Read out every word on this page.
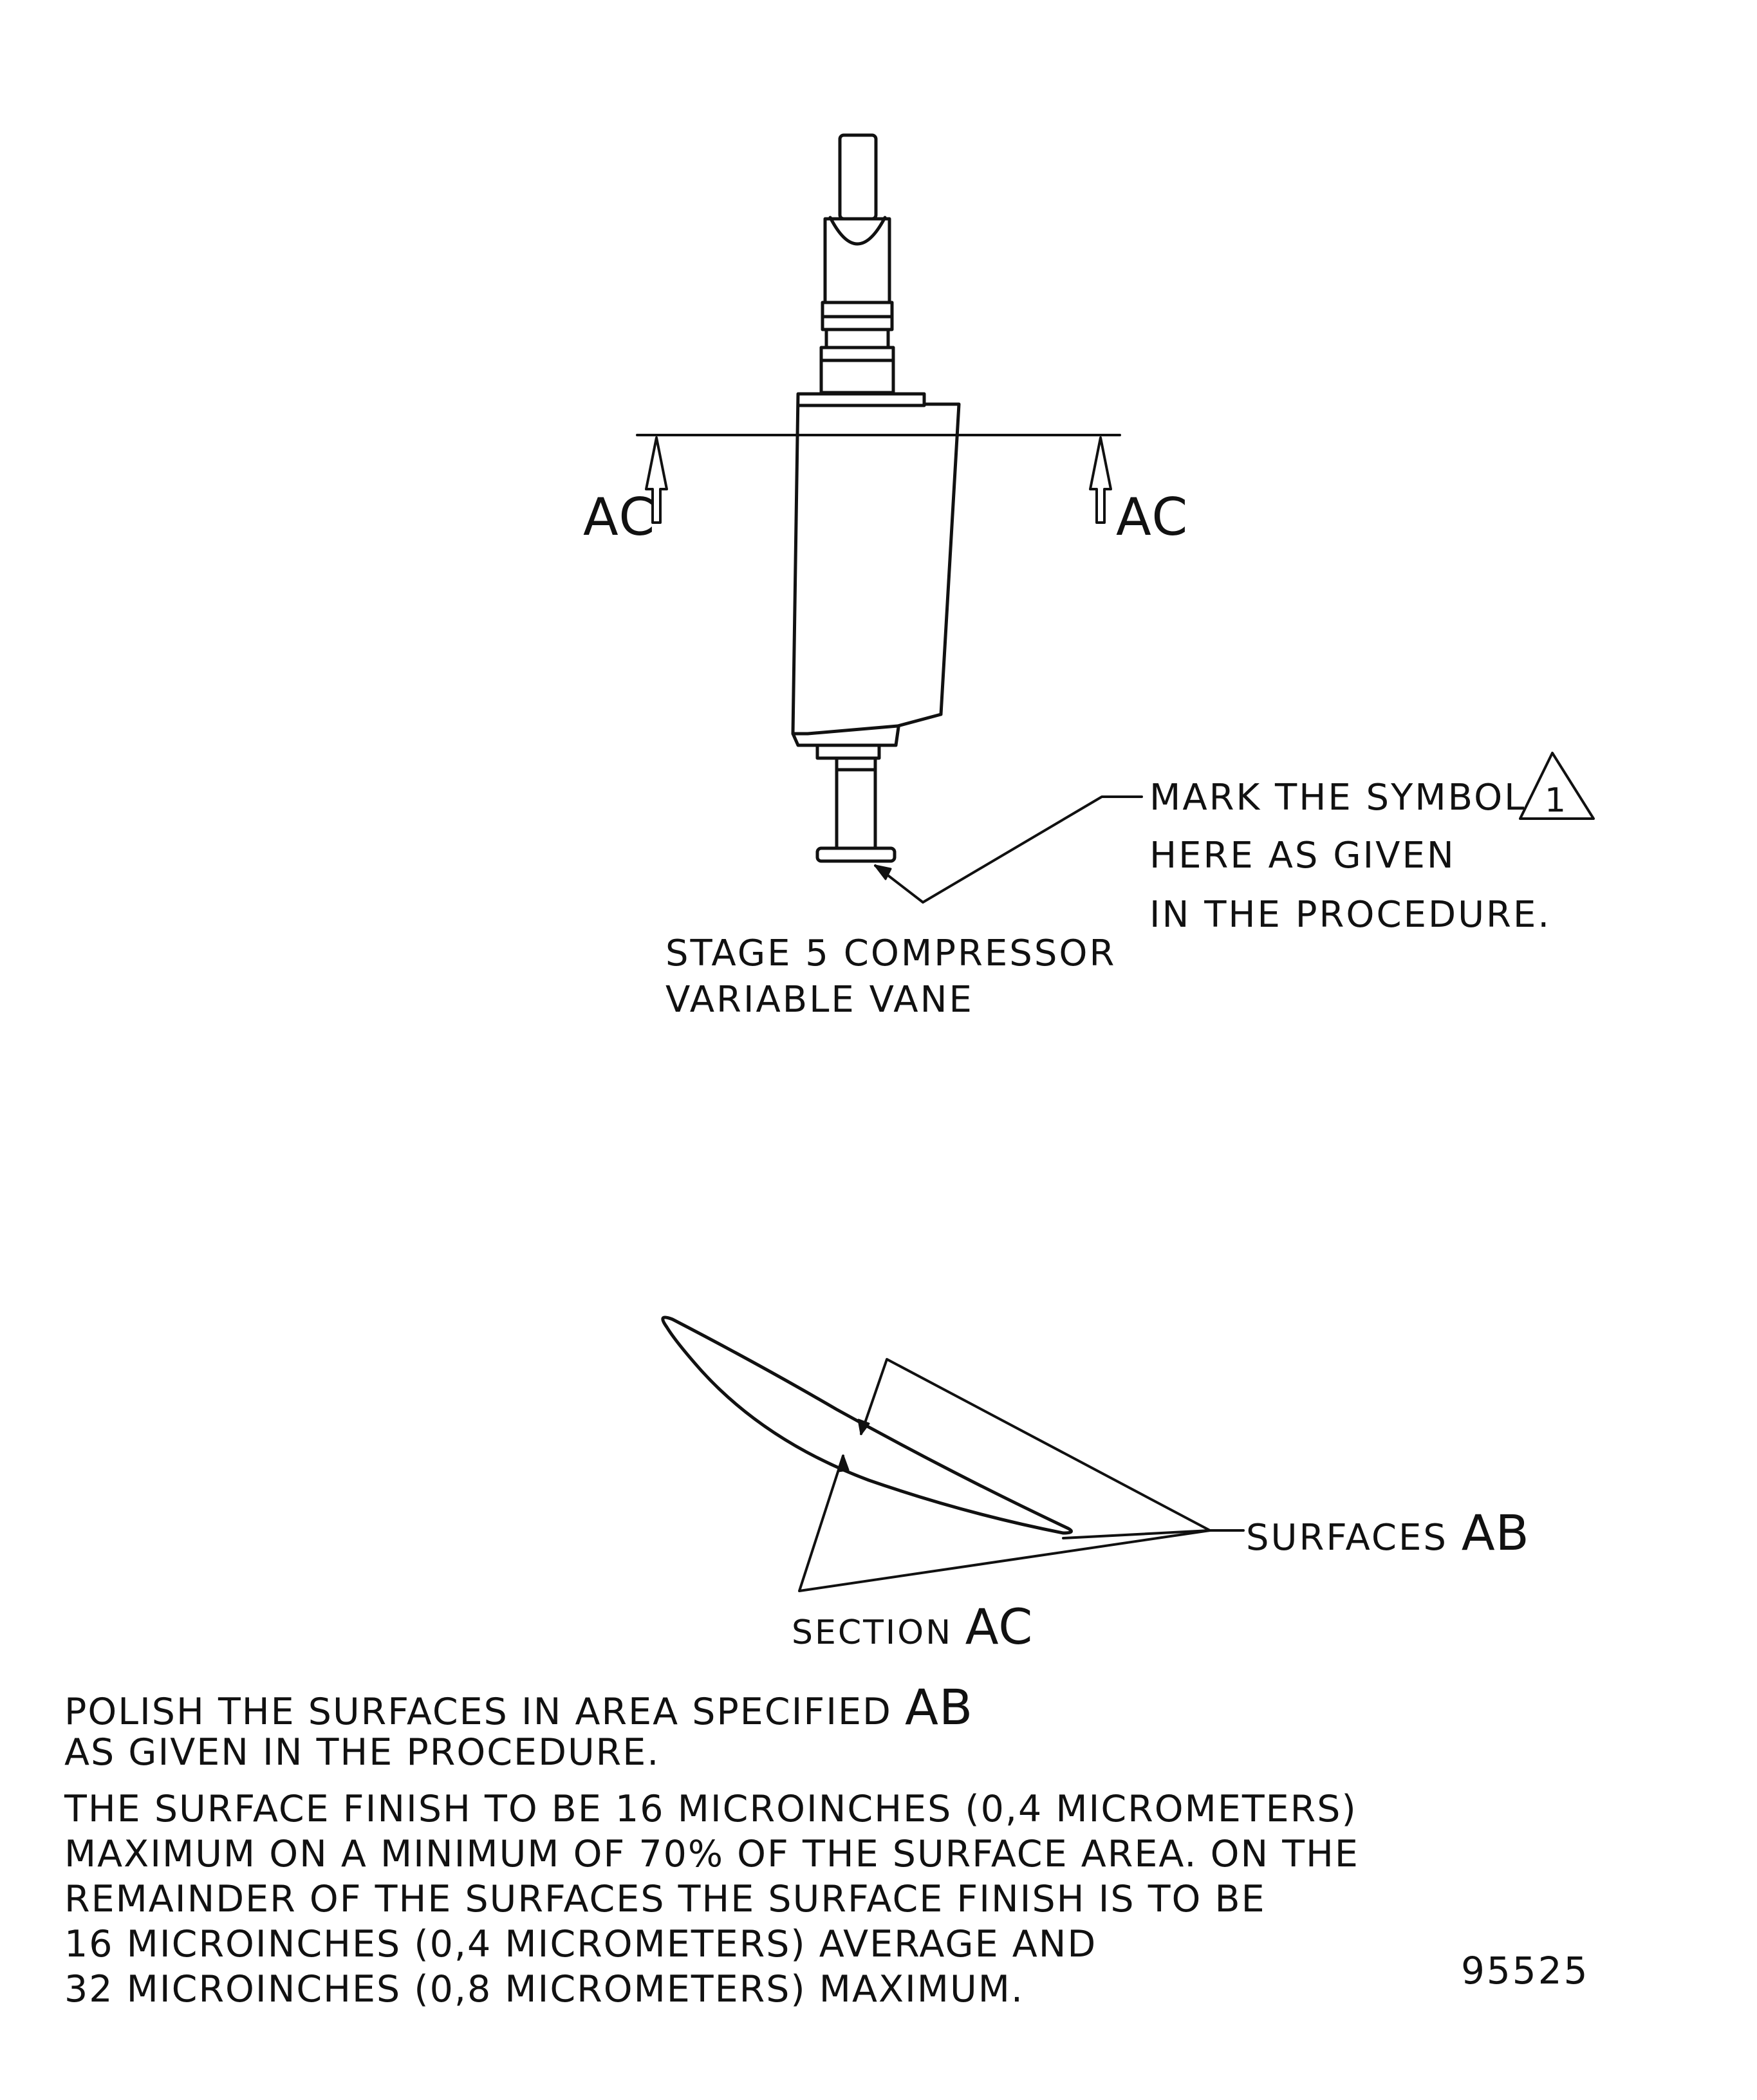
AC	AC
MARK THE SYMBOL 1
HERE AS GIVEN
IN THE PROCEDURE.
STAGE 5 COMPRESSOR
VARIABLE VANE
SURFACES AB
SECTION AC
POLISH THE SURFACES IN AREA SPECIFIED AB
AS GIVEN IN THE PROCEDURE.
THE SURFACE FINISH TO BE 16 MICROINCHES (0,4 MICROMETERS)
MAXIMUM ON A MINIMUM OF 70% OF THE SURFACE AREA. ON THE
REMAINDER OF THE SURFACES THE SURFACE FINISH IS TO BE
16 MICROINCHES (0,4 MICROMETERS) AVERAGE AND
32 MICROINCHES (0,8 MICROMETERS) MAXIMUM.	95525
